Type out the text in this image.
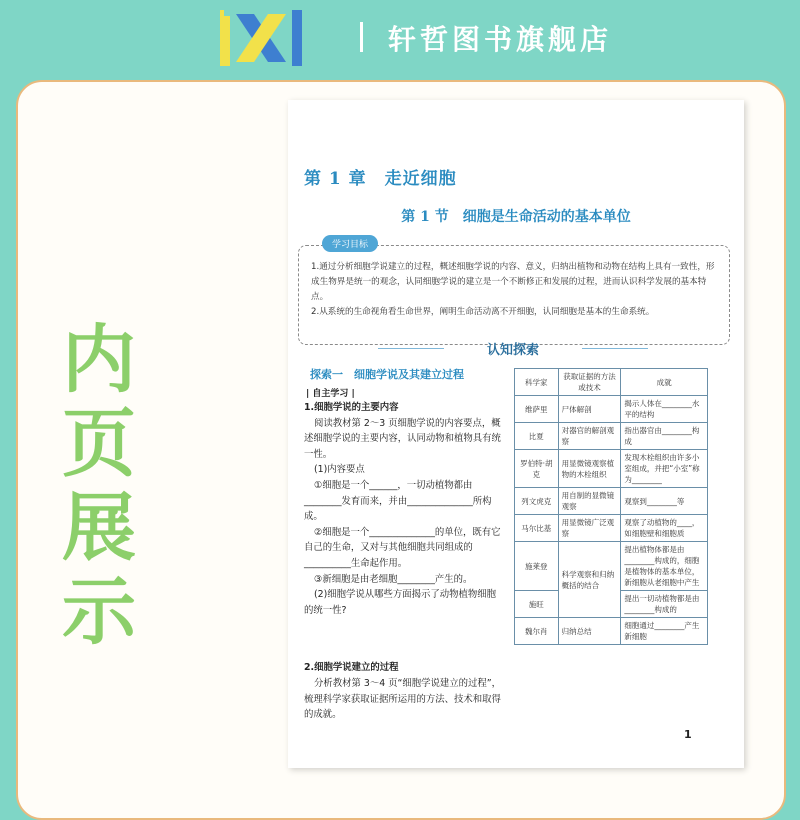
轩哲图书旗舰店
内页
展示
第 1 章　走近细胞
第 1 节　细胞是生命活动的基本单位

1.通过分析细胞学说建立的过程，概述细胞学说的内容、意义，归纳出植物和动物在结构上具有一致性，形成生物界是统一的观念，认同细胞学说的建立是一个不断修正和发展的过程，进而认识科学发展的基本特点。

2.从系统的生命视角看生命世界，阐明生命活动离不开细胞，认同细胞是基本的生命系统。

学习目标
认知探索
探索一　细胞学说及其建立过程
| 自主学习 |

1.细胞学说的主要内容

阅读教材第 2～3 页细胞学说的内容要点，概述细胞学说的主要内容，认同动物和植物具有统一性。

(1)内容要点

①细胞是一个______，一切动植物都由________发育而来，并由______________所构成。

②细胞是一个______________的单位，既有它自己的生命，又对与其他细胞共同组成的__________生命起作用。

③新细胞是由老细胞________产生的。

(2)细胞学说从哪些方面揭示了动物植物细胞的统一性?

2.细胞学说建立的过程

分析教材第 3～4 页“细胞学说建立的过程”，梳理科学家获取证据所运用的方法、技术和取得的成就。

科学家	获取证据的方法或技术	成就
维萨里	尸体解剖	揭示人体在________水平的结构
比夏	对器官的解剖观察	指出器官由________构成
罗伯特·胡克	用显微镜观察植物的木栓组织	发现木栓组织由许多小室组成，并把“小室”称为________
列文虎克	用自制的显微镜观察	观察到________等
马尔比基	用显微镜广泛观察	观察了动植物的____，如细胞壁和细胞质
施莱登	科学观察和归纳概括的结合	提出植物体都是由________构成的，细胞是植物体的基本单位，新细胞从老细胞中产生
施旺		提出一切动植物都是由________构成的
魏尔肖	归纳总结	细胞通过________产生新细胞
1
